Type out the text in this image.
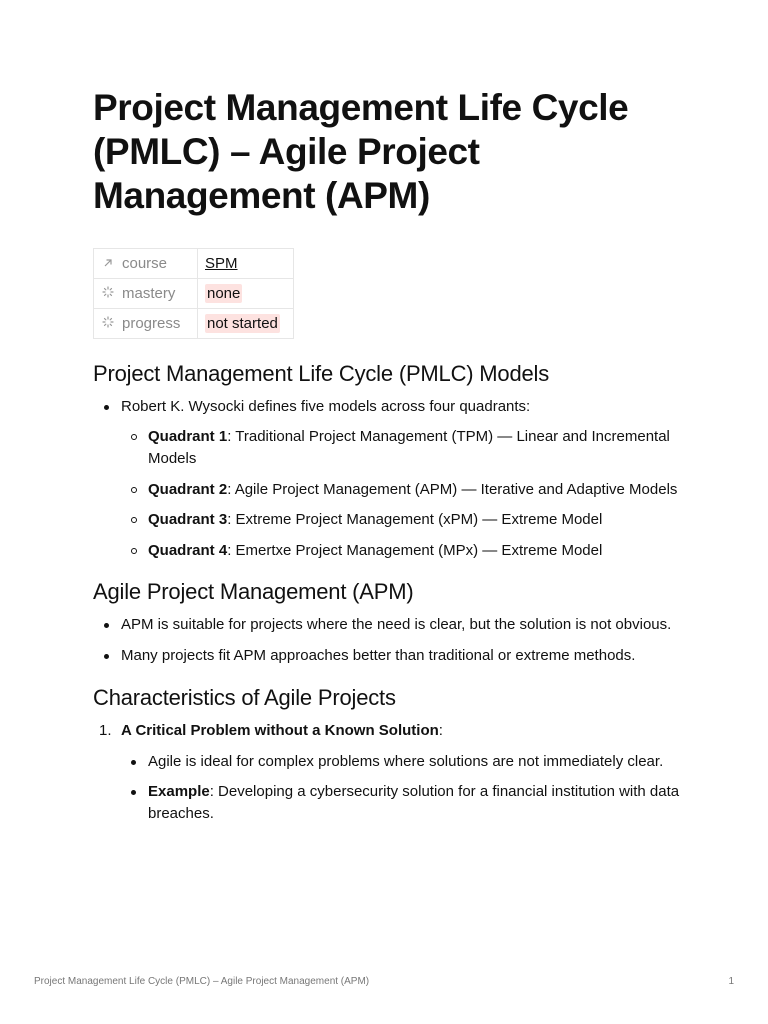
Project Management Life Cycle (PMLC) – Agile Project Management (APM)
course	SPM
mastery	none
progress	not started
Project Management Life Cycle (PMLC) Models
Robert K. Wysocki defines five models across four quadrants:
Quadrant 1: Traditional Project Management (TPM) — Linear and Incremental Models
Quadrant 2: Agile Project Management (APM) — Iterative and Adaptive Models
Quadrant 3: Extreme Project Management (xPM) — Extreme Model
Quadrant 4: Emertxe Project Management (MPx) — Extreme Model
Agile Project Management (APM)
APM is suitable for projects where the need is clear, but the solution is not obvious.
Many projects fit APM approaches better than traditional or extreme methods.
Characteristics of Agile Projects
1. A Critical Problem without a Known Solution:
Agile is ideal for complex problems where solutions are not immediately clear.
Example: Developing a cybersecurity solution for a financial institution with data breaches.
Project Management Life Cycle (PMLC) – Agile Project Management (APM)	1
